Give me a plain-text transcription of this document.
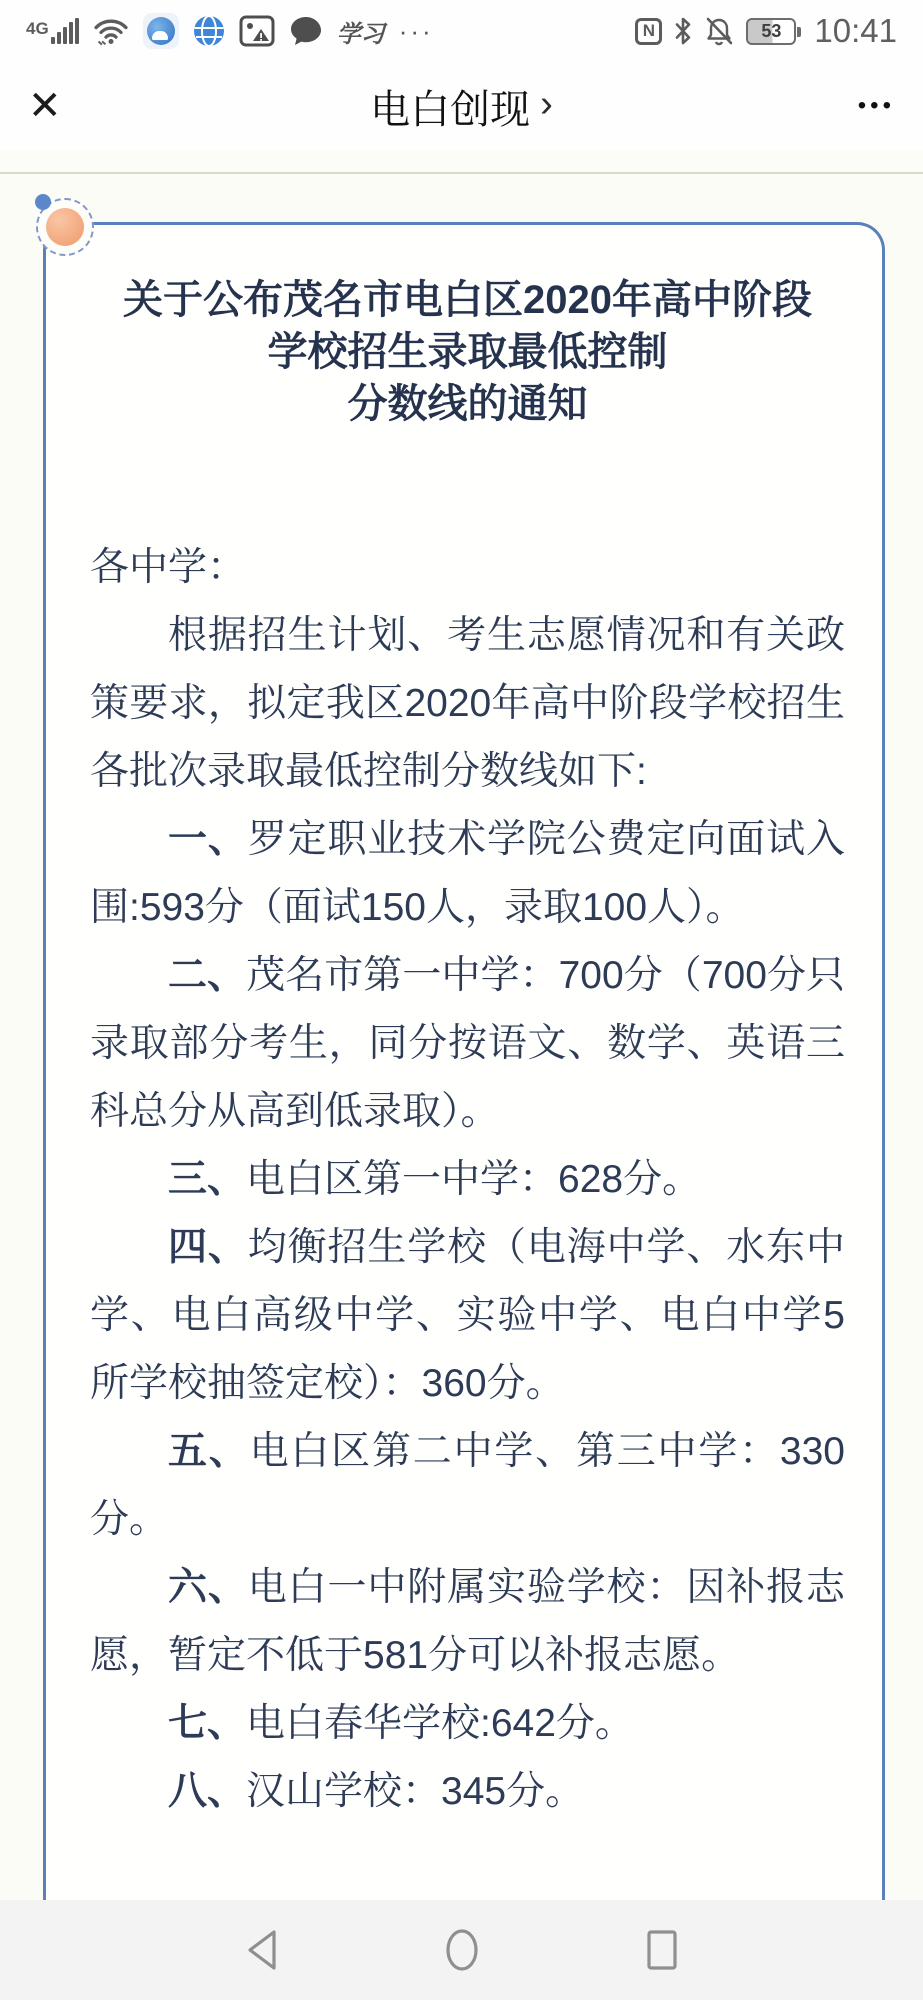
4G	学习 ···	N	53 10:41
✕	电白创现 ›	•••
关于公布茂名市电白区2020年高中阶段
学校招生录取最低控制
分数线的通知

各中学：

根据招生计划、考生志愿情况和有关政策要求，拟定我区2020年高中阶段学校招生各批次录取最低控制分数线如下:

一、罗定职业技术学院公费定向面试入围:593分（面试150人，录取100人）。

二、茂名市第一中学：700分（700分只录取部分考生，同分按语文、数学、英语三科总分从高到低录取）。

三、电白区第一中学：628分。

四、均衡招生学校（电海中学、水东中学、电白高级中学、实验中学、电白中学5所学校抽签定校）：360分。

五、电白区第二中学、第三中学：330分。

六、电白一中附属实验学校：因补报志愿，暂定不低于581分可以补报志愿。

七、电白春华学校:642分。

八、汉山学校：345分。
